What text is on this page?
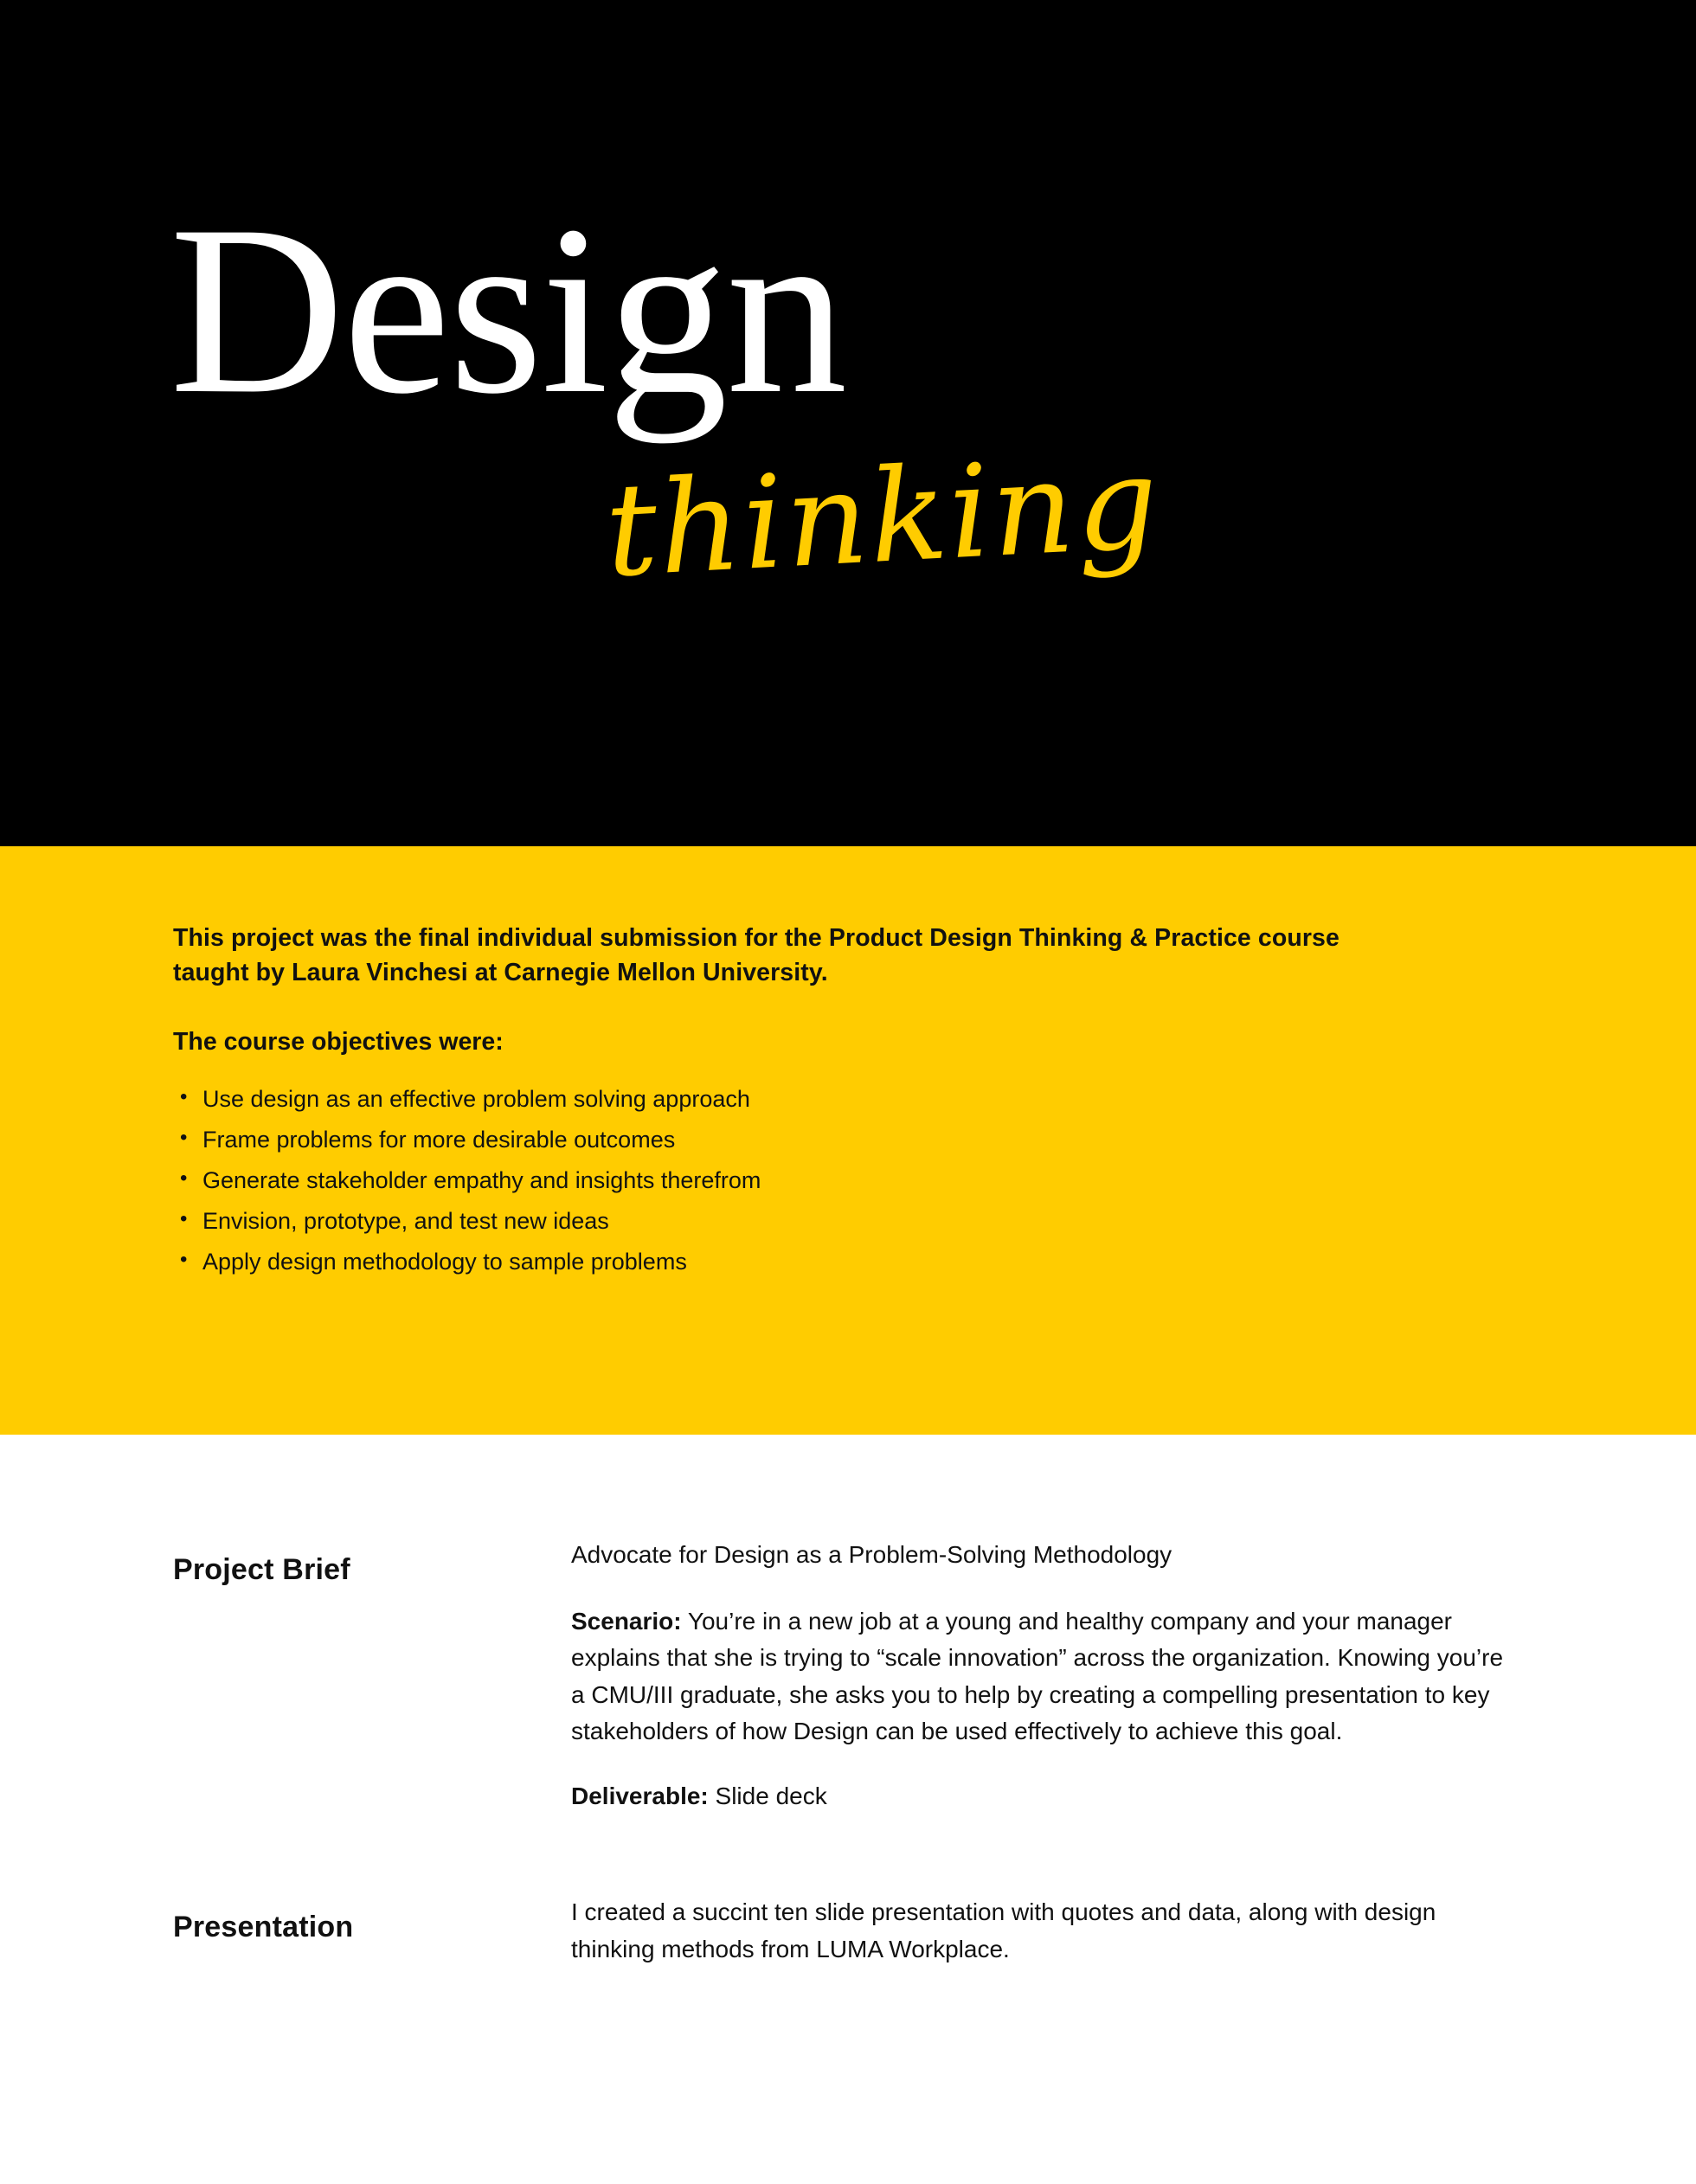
Design
thinking

This project was the final individual submission for the Product Design Thinking & Practice course taught by Laura Vinchesi at Carnegie Mellon University.

The course objectives were:

• Use design as an effective problem solving approach
• Frame problems for more desirable outcomes
• Generate stakeholder empathy and insights therefrom
• Envision, prototype, and test new ideas
• Apply design methodology to sample problems
Project Brief	Advocate for Design as a Problem-Solving Methodology

Scenario: You’re in a new job at a young and healthy company and your manager explains that she is trying to “scale innovation” across the organization. Knowing you’re a CMU/III graduate, she asks you to help by creating a compelling presentation to key stakeholders of how Design can be used effectively to achieve this goal.

Deliverable: Slide deck

Presentation	I created a succint ten slide presentation with quotes and data, along with design thinking methods from LUMA Workplace.
